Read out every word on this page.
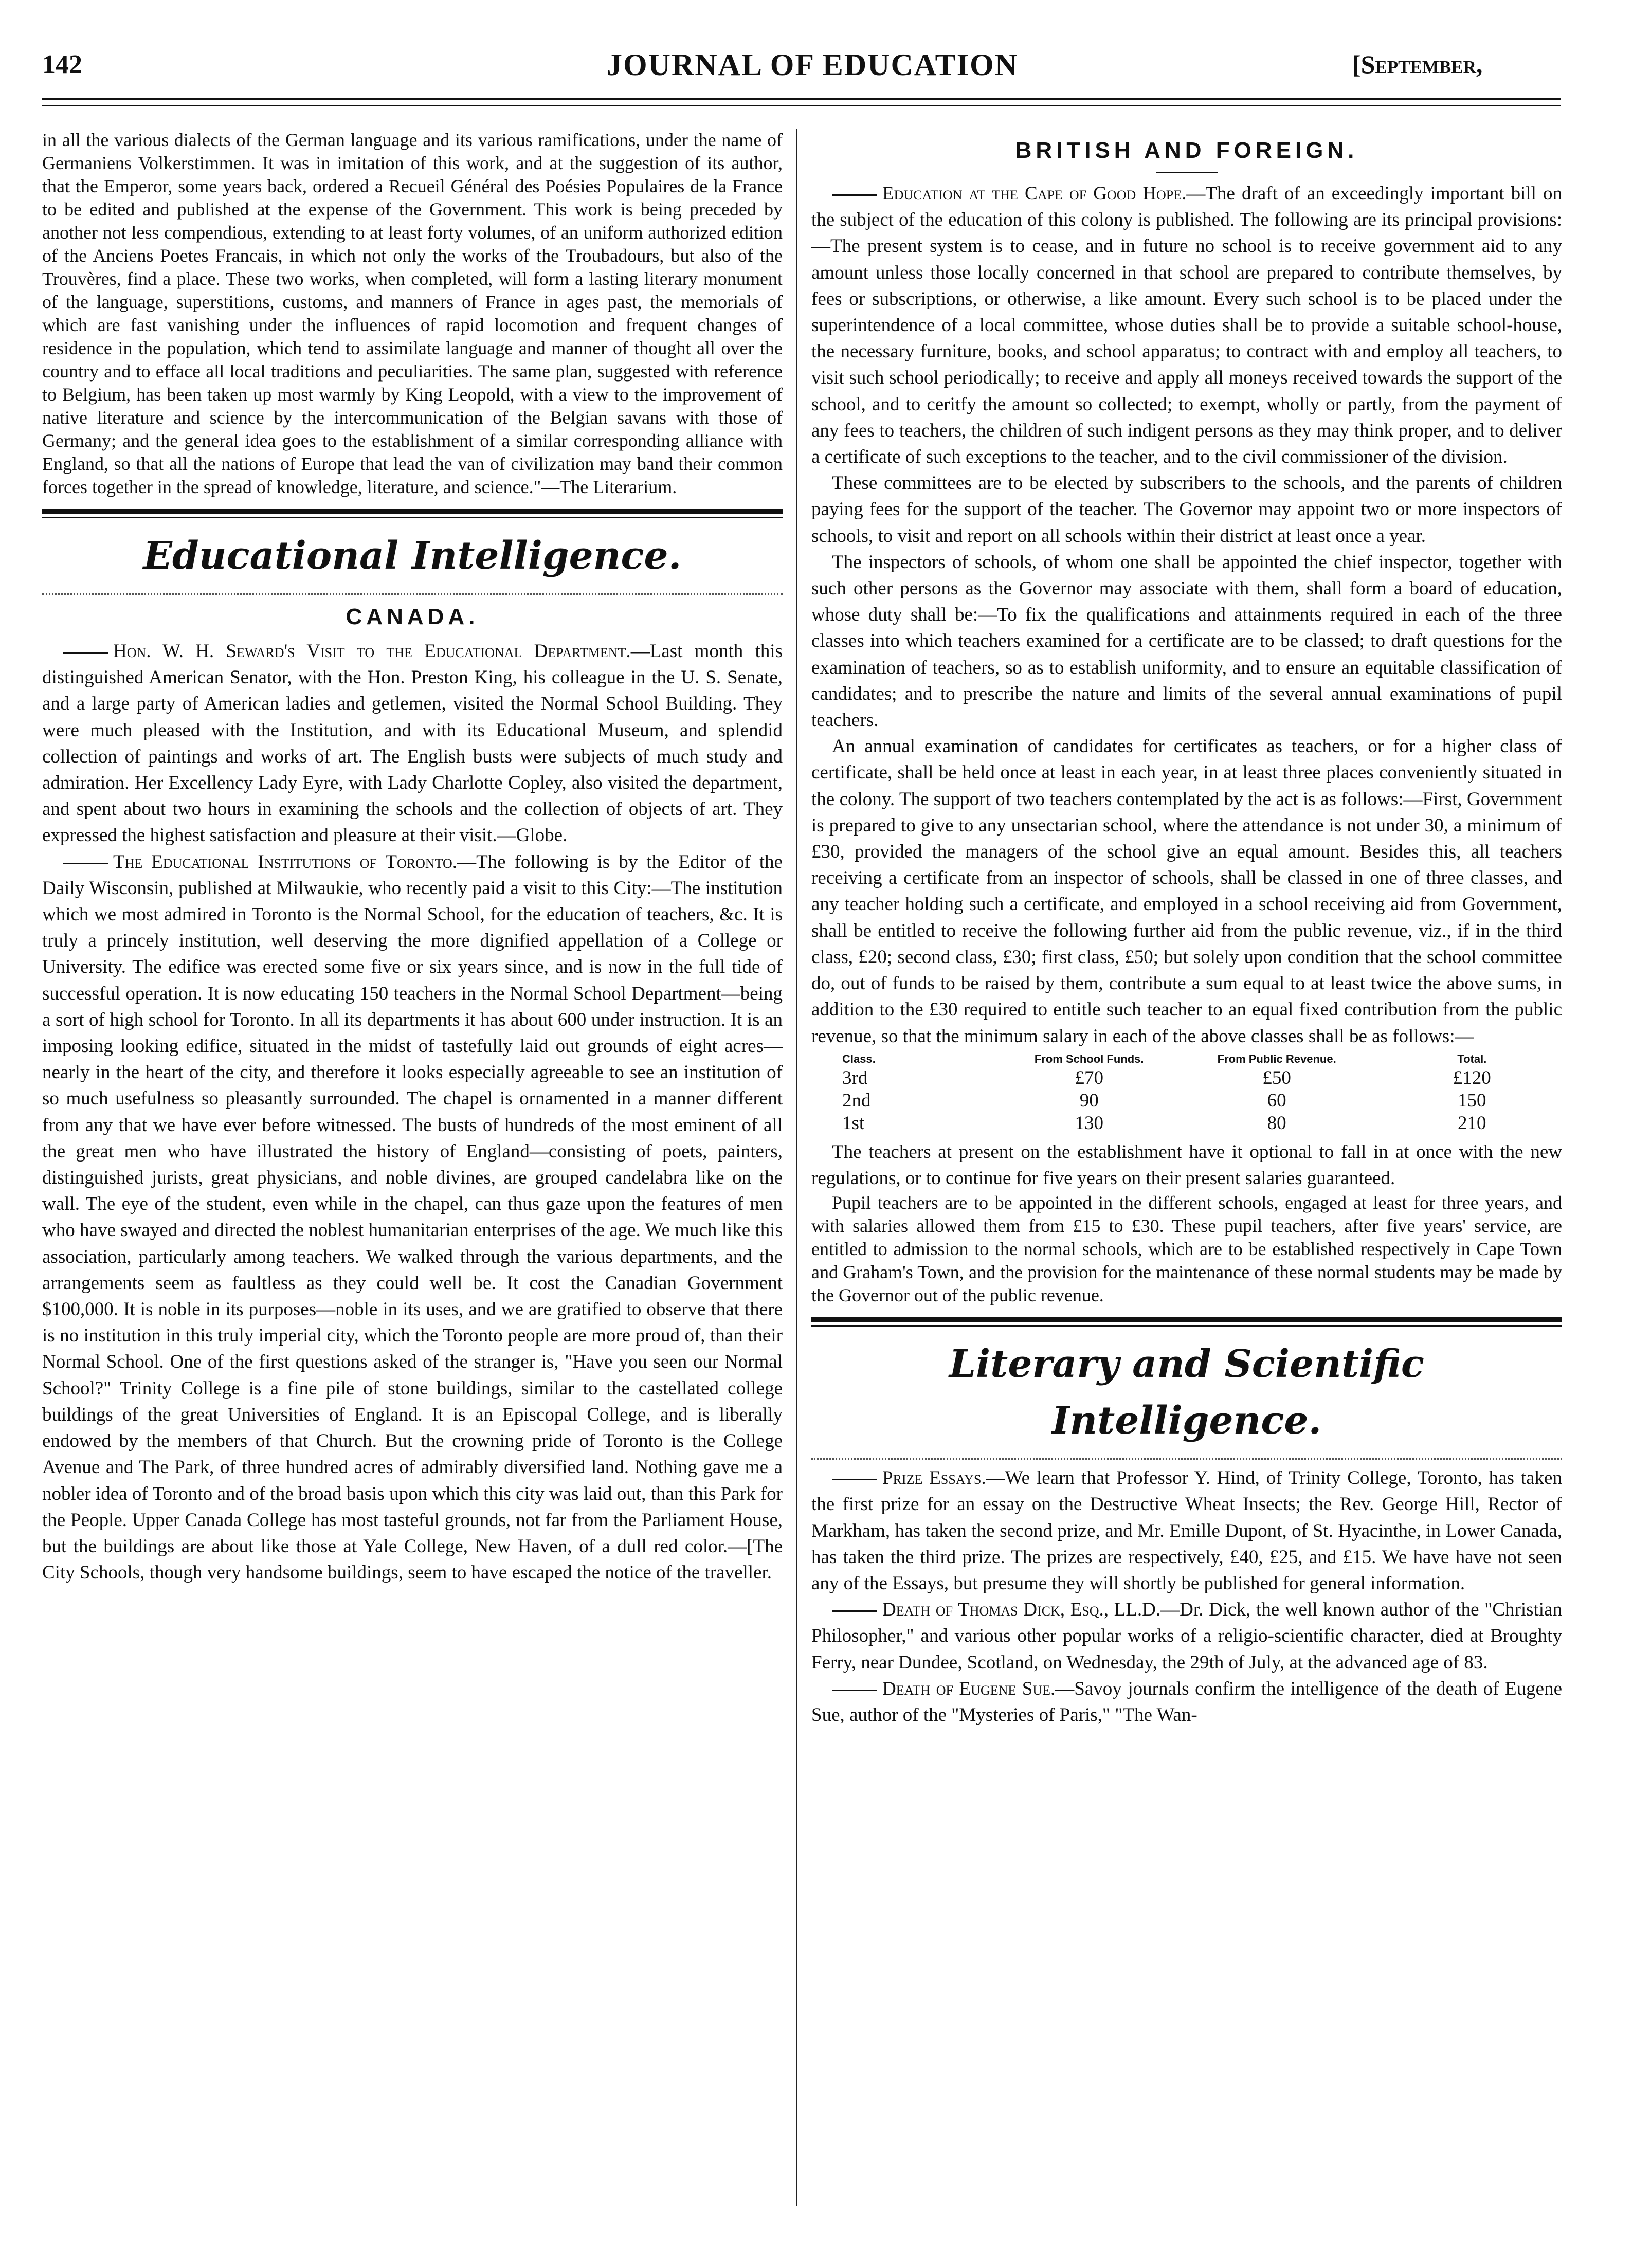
142	JOURNAL OF EDUCATION	[September,

in all the various dialects of the German language and its various ramifications, under the name of Germaniens Volkerstimmen. It was in imitation of this work, and at the suggestion of its author, that the Emperor, some years back, ordered a Recueil Général des Poésies Populaires de la France to be edited and published at the expense of the Government. This work is being preceded by another not less compendious, extending to at least forty volumes, of an uniform authorized edition of the Anciens Poetes Francais, in which not only the works of the Troubadours, but also of the Trouvères, find a place. These two works, when completed, will form a lasting literary monument of the language, superstitions, customs, and manners of France in ages past, the memorials of which are fast vanishing under the influences of rapid locomotion and frequent changes of residence in the population, which tend to assimilate language and manner of thought all over the country and to efface all local traditions and peculiarities. The same plan, suggested with reference to Belgium, has been taken up most warmly by King Leopold, with a view to the improvement of native literature and science by the intercommunication of the Belgian savans with those of Germany; and the general idea goes to the establishment of a similar corresponding alliance with England, so that all the nations of Europe that lead the van of civilization may band their common forces together in the spread of knowledge, literature, and science."—The Literarium.

Educational Intelligence.
CANADA.

Hon. W. H. Seward's Visit to the Educational Department.—Last month this distinguished American Senator, with the Hon. Preston King, his colleague in the U. S. Senate, and a large party of American ladies and getlemen, visited the Normal School Building. They were much pleased with the Institution, and with its Educational Museum, and splendid collection of paintings and works of art. The English busts were subjects of much study and admiration. Her Excellency Lady Eyre, with Lady Charlotte Copley, also visited the department, and spent about two hours in examining the schools and the collection of objects of art. They expressed the highest satisfaction and pleasure at their visit.—Globe.

The Educational Institutions of Toronto.—The following is by the Editor of the Daily Wisconsin, published at Milwaukie, who recently paid a visit to this City:—The institution which we most admired in Toronto is the Normal School, for the education of teachers, &c. It is truly a princely institution, well deserving the more dignified appellation of a College or University. The edifice was erected some five or six years since, and is now in the full tide of successful operation. It is now educating 150 teachers in the Normal School Department—being a sort of high school for Toronto. In all its departments it has about 600 under instruction. It is an imposing looking edifice, situated in the midst of tastefully laid out grounds of eight acres—nearly in the heart of the city, and therefore it looks especially agreeable to see an institution of so much usefulness so pleasantly surrounded. The chapel is ornamented in a manner different from any that we have ever before witnessed. The busts of hundreds of the most eminent of all the great men who have illustrated the history of England—consisting of poets, painters, distinguished jurists, great physicians, and noble divines, are grouped candelabra like on the wall. The eye of the student, even while in the chapel, can thus gaze upon the features of men who have swayed and directed the noblest humanitarian enterprises of the age. We much like this association, particularly among teachers. We walked through the various departments, and the arrangements seem as faultless as they could well be. It cost the Canadian Government $100,000. It is noble in its purposes—noble in its uses, and we are gratified to observe that there is no institution in this truly imperial city, which the Toronto people are more proud of, than their Normal School. One of the first questions asked of the stranger is, "Have you seen our Normal School?" Trinity College is a fine pile of stone buildings, similar to the castellated college buildings of the great Universities of England. It is an Episcopal College, and is liberally endowed by the members of that Church. But the crowning pride of Toronto is the College Avenue and The Park, of three hundred acres of admirably diversified land. Nothing gave me a nobler idea of Toronto and of the broad basis upon which this city was laid out, than this Park for the People. Upper Canada College has most tasteful grounds, not far from the Parliament House, but the buildings are about like those at Yale College, New Haven, of a dull red color.—[The City Schools, though very handsome buildings, seem to have escaped the notice of the traveller.

BRITISH AND FOREIGN.

Education at the Cape of Good Hope.—The draft of an exceedingly important bill on the subject of the education of this colony is published. The following are its principal provisions:—The present system is to cease, and in future no school is to receive government aid to any amount unless those locally concerned in that school are prepared to contribute themselves, by fees or subscriptions, or otherwise, a like amount. Every such school is to be placed under the superintendence of a local committee, whose duties shall be to provide a suitable school-house, the necessary furniture, books, and school apparatus; to contract with and employ all teachers, to visit such school periodically; to receive and apply all moneys received towards the support of the school, and to ceritfy the amount so collected; to exempt, wholly or partly, from the payment of any fees to teachers, the children of such indigent persons as they may think proper, and to deliver a certificate of such exceptions to the teacher, and to the civil commissioner of the division.

These committees are to be elected by subscribers to the schools, and the parents of children paying fees for the support of the teacher. The Governor may appoint two or more inspectors of schools, to visit and report on all schools within their district at least once a year.

The inspectors of schools, of whom one shall be appointed the chief inspector, together with such other persons as the Governor may associate with them, shall form a board of education, whose duty shall be:—To fix the qualifications and attainments required in each of the three classes into which teachers examined for a certificate are to be classed; to draft questions for the examination of teachers, so as to establish uniformity, and to ensure an equitable classification of candidates; and to prescribe the nature and limits of the several annual examinations of pupil teachers.

An annual examination of candidates for certificates as teachers, or for a higher class of certificate, shall be held once at least in each year, in at least three places conveniently situated in the colony. The support of two teachers contemplated by the act is as follows:—First, Government is prepared to give to any unsectarian school, where the attendance is not under 30, a minimum of £30, provided the managers of the school give an equal amount. Besides this, all teachers receiving a certificate from an inspector of schools, shall be classed in one of three classes, and any teacher holding such a certificate, and employed in a school receiving aid from Government, shall be entitled to receive the following further aid from the public revenue, viz., if in the third class, £20; second class, £30; first class, £50; but solely upon condition that the school committee do, out of funds to be raised by them, contribute a sum equal to at least twice the above sums, in addition to the £30 required to entitle such teacher to an equal fixed contribution from the public revenue, so that the minimum salary in each of the above classes shall be as follows:—

Class.	From School Funds.	From Public Revenue.	Total.
3rd	£70	£50	£120
2nd	90	60	150
1st	130	80	210

The teachers at present on the establishment have it optional to fall in at once with the new regulations, or to continue for five years on their present salaries guaranteed.

Pupil teachers are to be appointed in the different schools, engaged at least for three years, and with salaries allowed them from £15 to £30. These pupil teachers, after five years' service, are entitled to admission to the normal schools, which are to be established respectively in Cape Town and Graham's Town, and the provision for the maintenance of these normal students may be made by the Governor out of the public revenue.

Literary and Scientific Intelligence.

Prize Essays.—We learn that Professor Y. Hind, of Trinity College, Toronto, has taken the first prize for an essay on the Destructive Wheat Insects; the Rev. George Hill, Rector of Markham, has taken the second prize, and Mr. Emille Dupont, of St. Hyacinthe, in Lower Canada, has taken the third prize. The prizes are respectively, £40, £25, and £15. We have have not seen any of the Essays, but presume they will shortly be published for general information.

Death of Thomas Dick, Esq., LL.D.—Dr. Dick, the well known author of the "Christian Philosopher," and various other popular works of a religio-scientific character, died at Broughty Ferry, near Dundee, Scotland, on Wednesday, the 29th of July, at the advanced age of 83.

Death of Eugene Sue.—Savoy journals confirm the intelligence of the death of Eugene Sue, author of the "Mysteries of Paris," "The Wan-
